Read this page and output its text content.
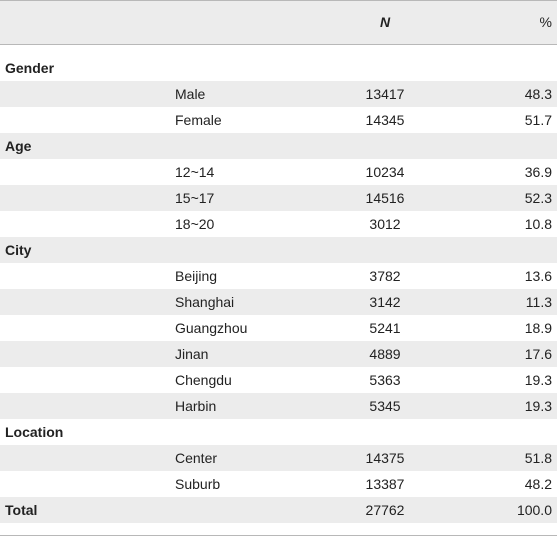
N	%
Gender
Male	13417	48.3
Female	14345	51.7
Age
12~14	10234	36.9
15~17	14516	52.3
18~20	3012	10.8
City
Beijing	3782	13.6
Shanghai	3142	11.3
Guangzhou	5241	18.9
Jinan	4889	17.6
Chengdu	5363	19.3
Harbin	5345	19.3
Location
Center	14375	51.8
Suburb	13387	48.2
Total	27762	100.0
